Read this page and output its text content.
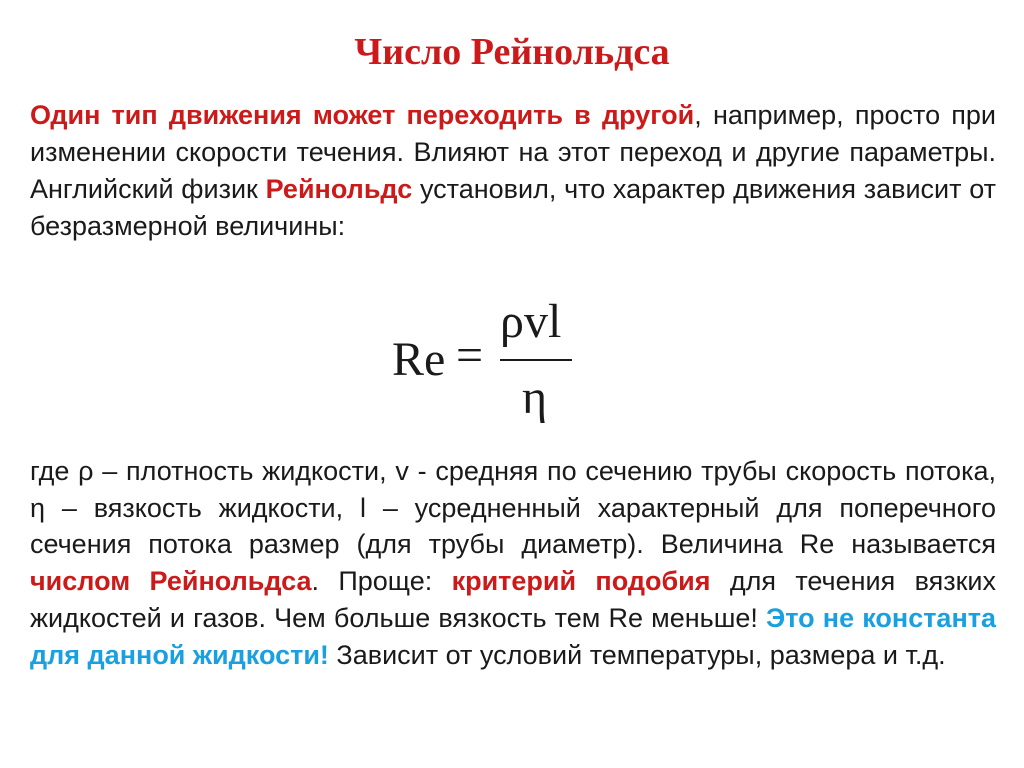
Число Рейнольдса
Один тип движения может переходить в другой, например, просто при изменении скорости течения. Влияют на этот переход и другие параметры. Английский физик Рейнольдс установил, что характер движения зависит от безразмерной величины:
Re =
ρvl
η
где ρ – плотность жидкости, v - средняя по сечению трубы скорость потока, η – вязкость жидкости, l – усредненный характерный для поперечного сечения потока размер (для трубы диаметр). Величина Re называется числом Рейнольдса. Проще: критерий подобия для течения вязких жидкостей и газов. Чем больше вязкость тем Re меньше! Это не константа для данной жидкости! Зависит от условий температуры, размера и т.д.
